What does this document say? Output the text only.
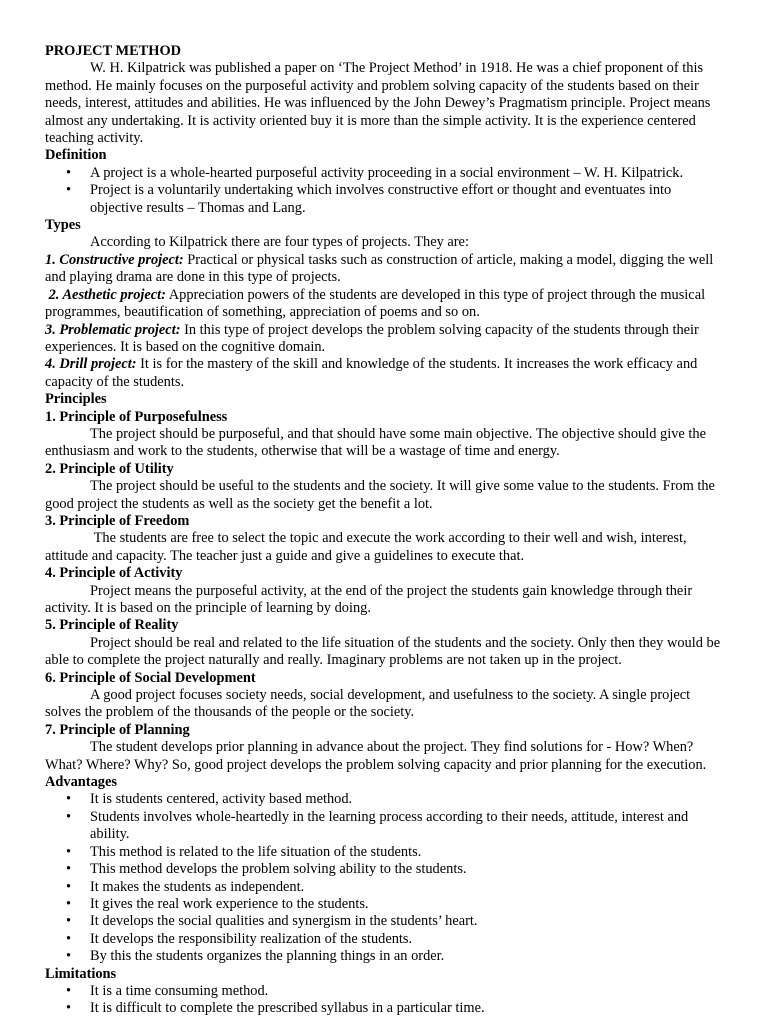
PROJECT METHOD

W. H. Kilpatrick was published a paper on ‘The Project Method’ in 1918. He was a chief proponent of this method. He mainly focuses on the purposeful activity and problem solving capacity of the students based on their needs, interest, attitudes and abilities. He was influenced by the John Dewey’s Pragmatism principle. Project means almost any undertaking. It is activity oriented buy it is more than the simple activity. It is the experience centered teaching activity.

Definition
• A project is a whole-hearted purposeful activity proceeding in a social environment – W. H. Kilpatrick.
• Project is a voluntarily undertaking which involves constructive effort or thought and eventuates into objective results – Thomas and Lang.
Types

According to Kilpatrick there are four types of projects. They are:

1. Constructive project: Practical or physical tasks such as construction of article, making a model, digging the well and playing drama are done in this type of projects.

2. Aesthetic project: Appreciation powers of the students are developed in this type of project through the musical programmes, beautification of something, appreciation of poems and so on.

3. Problematic project: In this type of project develops the problem solving capacity of the students through their experiences. It is based on the cognitive domain.

4. Drill project: It is for the mastery of the skill and knowledge of the students. It increases the work efficacy and capacity of the students.

Principles
1. Principle of Purposefulness

The project should be purposeful, and that should have some main objective. The objective should give the enthusiasm and work to the students, otherwise that will be a wastage of time and energy.

2. Principle of Utility

The project should be useful to the students and the society. It will give some value to the students. From the good project the students as well as the society get the benefit a lot.

3. Principle of Freedom

The students are free to select the topic and execute the work according to their well and wish, interest, attitude and capacity. The teacher just a guide and give a guidelines to execute that.

4. Principle of Activity

Project means the purposeful activity, at the end of the project the students gain knowledge through their activity. It is based on the principle of learning by doing.

5. Principle of Reality

Project should be real and related to the life situation of the students and the society. Only then they would be able to complete the project naturally and really. Imaginary problems are not taken up in the project.

6. Principle of Social Development

A good project focuses society needs, social development, and usefulness to the society. A single project solves the problem of the thousands of the people or the society.

7. Principle of Planning

The student develops prior planning in advance about the project. They find solutions for - How? When? What? Where? Why? So, good project develops the problem solving capacity and prior planning for the execution.

Advantages
• It is students centered, activity based method.
• Students involves whole-heartedly in the learning process according to their needs, attitude, interest and ability.
• This method is related to the life situation of the students.
• This method develops the problem solving ability to the students.
• It makes the students as independent.
• It gives the real work experience to the students.
• It develops the social qualities and synergism in the students’ heart.
• It develops the responsibility realization of the students.
• By this the students organizes the planning things in an order.
Limitations
• It is a time consuming method.
• It is difficult to complete the prescribed syllabus in a particular time.
